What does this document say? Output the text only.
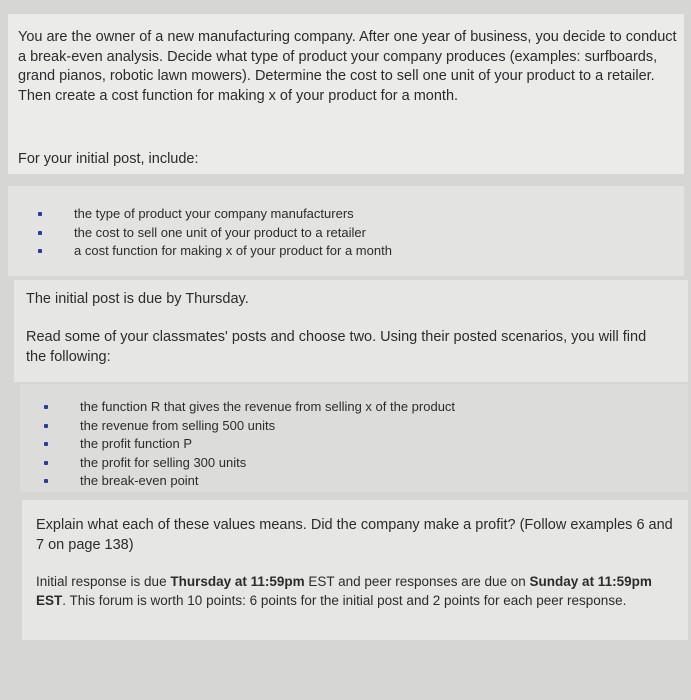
You are the owner of a new manufacturing company. After one year of business, you decide to conduct a break-even analysis. Decide what type of product your company produces (examples: surfboards, grand pianos, robotic lawn mowers). Determine the cost to sell one unit of your product to a retailer. Then create a cost function for making x of your product for a month.

For your initial post, include:

the type of product your company manufacturers
the cost to sell one unit of your product to a retailer
a cost function for making x of your product for a month

The initial post is due by Thursday.

Read some of your classmates' posts and choose two. Using their posted scenarios, you will find the following:

the function R that gives the revenue from selling x of the product
the revenue from selling 500 units
the profit function P
the profit for selling 300 units
the break-even point

Explain what each of these values means. Did the company make a profit? (Follow examples 6 and 7 on page 138)

Initial response is due Thursday at 11:59pm EST and peer responses are due on Sunday at 11:59pm EST. This forum is worth 10 points: 6 points for the initial post and 2 points for each peer response.
